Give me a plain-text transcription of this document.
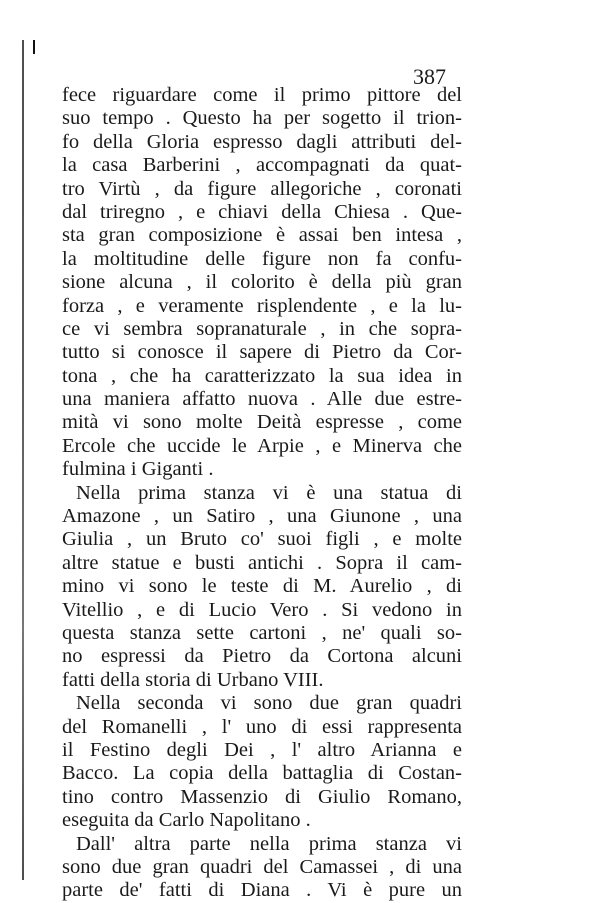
387
fece riguardare come il primo pittore del
suo tempo . Questo ha per sogetto il trion-
fo della Gloria espresso dagli attributi del-
la casa Barberini , accompagnati da quat-
tro Virtù , da figure allegoriche , coronati
dal triregno , e chiavi della Chiesa . Que-
sta gran composizione è assai ben intesa ,
la moltitudine delle figure non fa confu-
sione alcuna , il colorito è della più gran
forza , e veramente risplendente , e la lu-
ce vi sembra sopranaturale , in che sopra-
tutto si conosce il sapere di Pietro da Cor-
tona , che ha caratterizzato la sua idea in
una maniera affatto nuova . Alle due estre-
mità vi sono molte Deità espresse , come
Ercole che uccide le Arpie , e Minerva che
fulmina i Giganti .
Nella prima stanza vi è una statua di
Amazone , un Satiro , una Giunone , una
Giulia , un Bruto co' suoi figli , e molte
altre statue e busti antichi . Sopra il cam-
mino vi sono le teste di M. Aurelio , di
Vitellio , e di Lucio Vero . Si vedono in
questa stanza sette cartoni , ne' quali so-
no espressi da Pietro da Cortona alcuni
fatti della storia di Urbano VIII.
Nella seconda vi sono due gran quadri
del Romanelli , l' uno di essi rappresenta
il Festino degli Dei , l' altro Arianna e
Bacco. La copia della battaglia di Costan-
tino contro Massenzio di Giulio Romano,
eseguita da Carlo Napolitano .
Dall' altra parte nella prima stanza vi
sono due gran quadri del Camassei , di una
parte de' fatti di Diana . Vi è pure un
